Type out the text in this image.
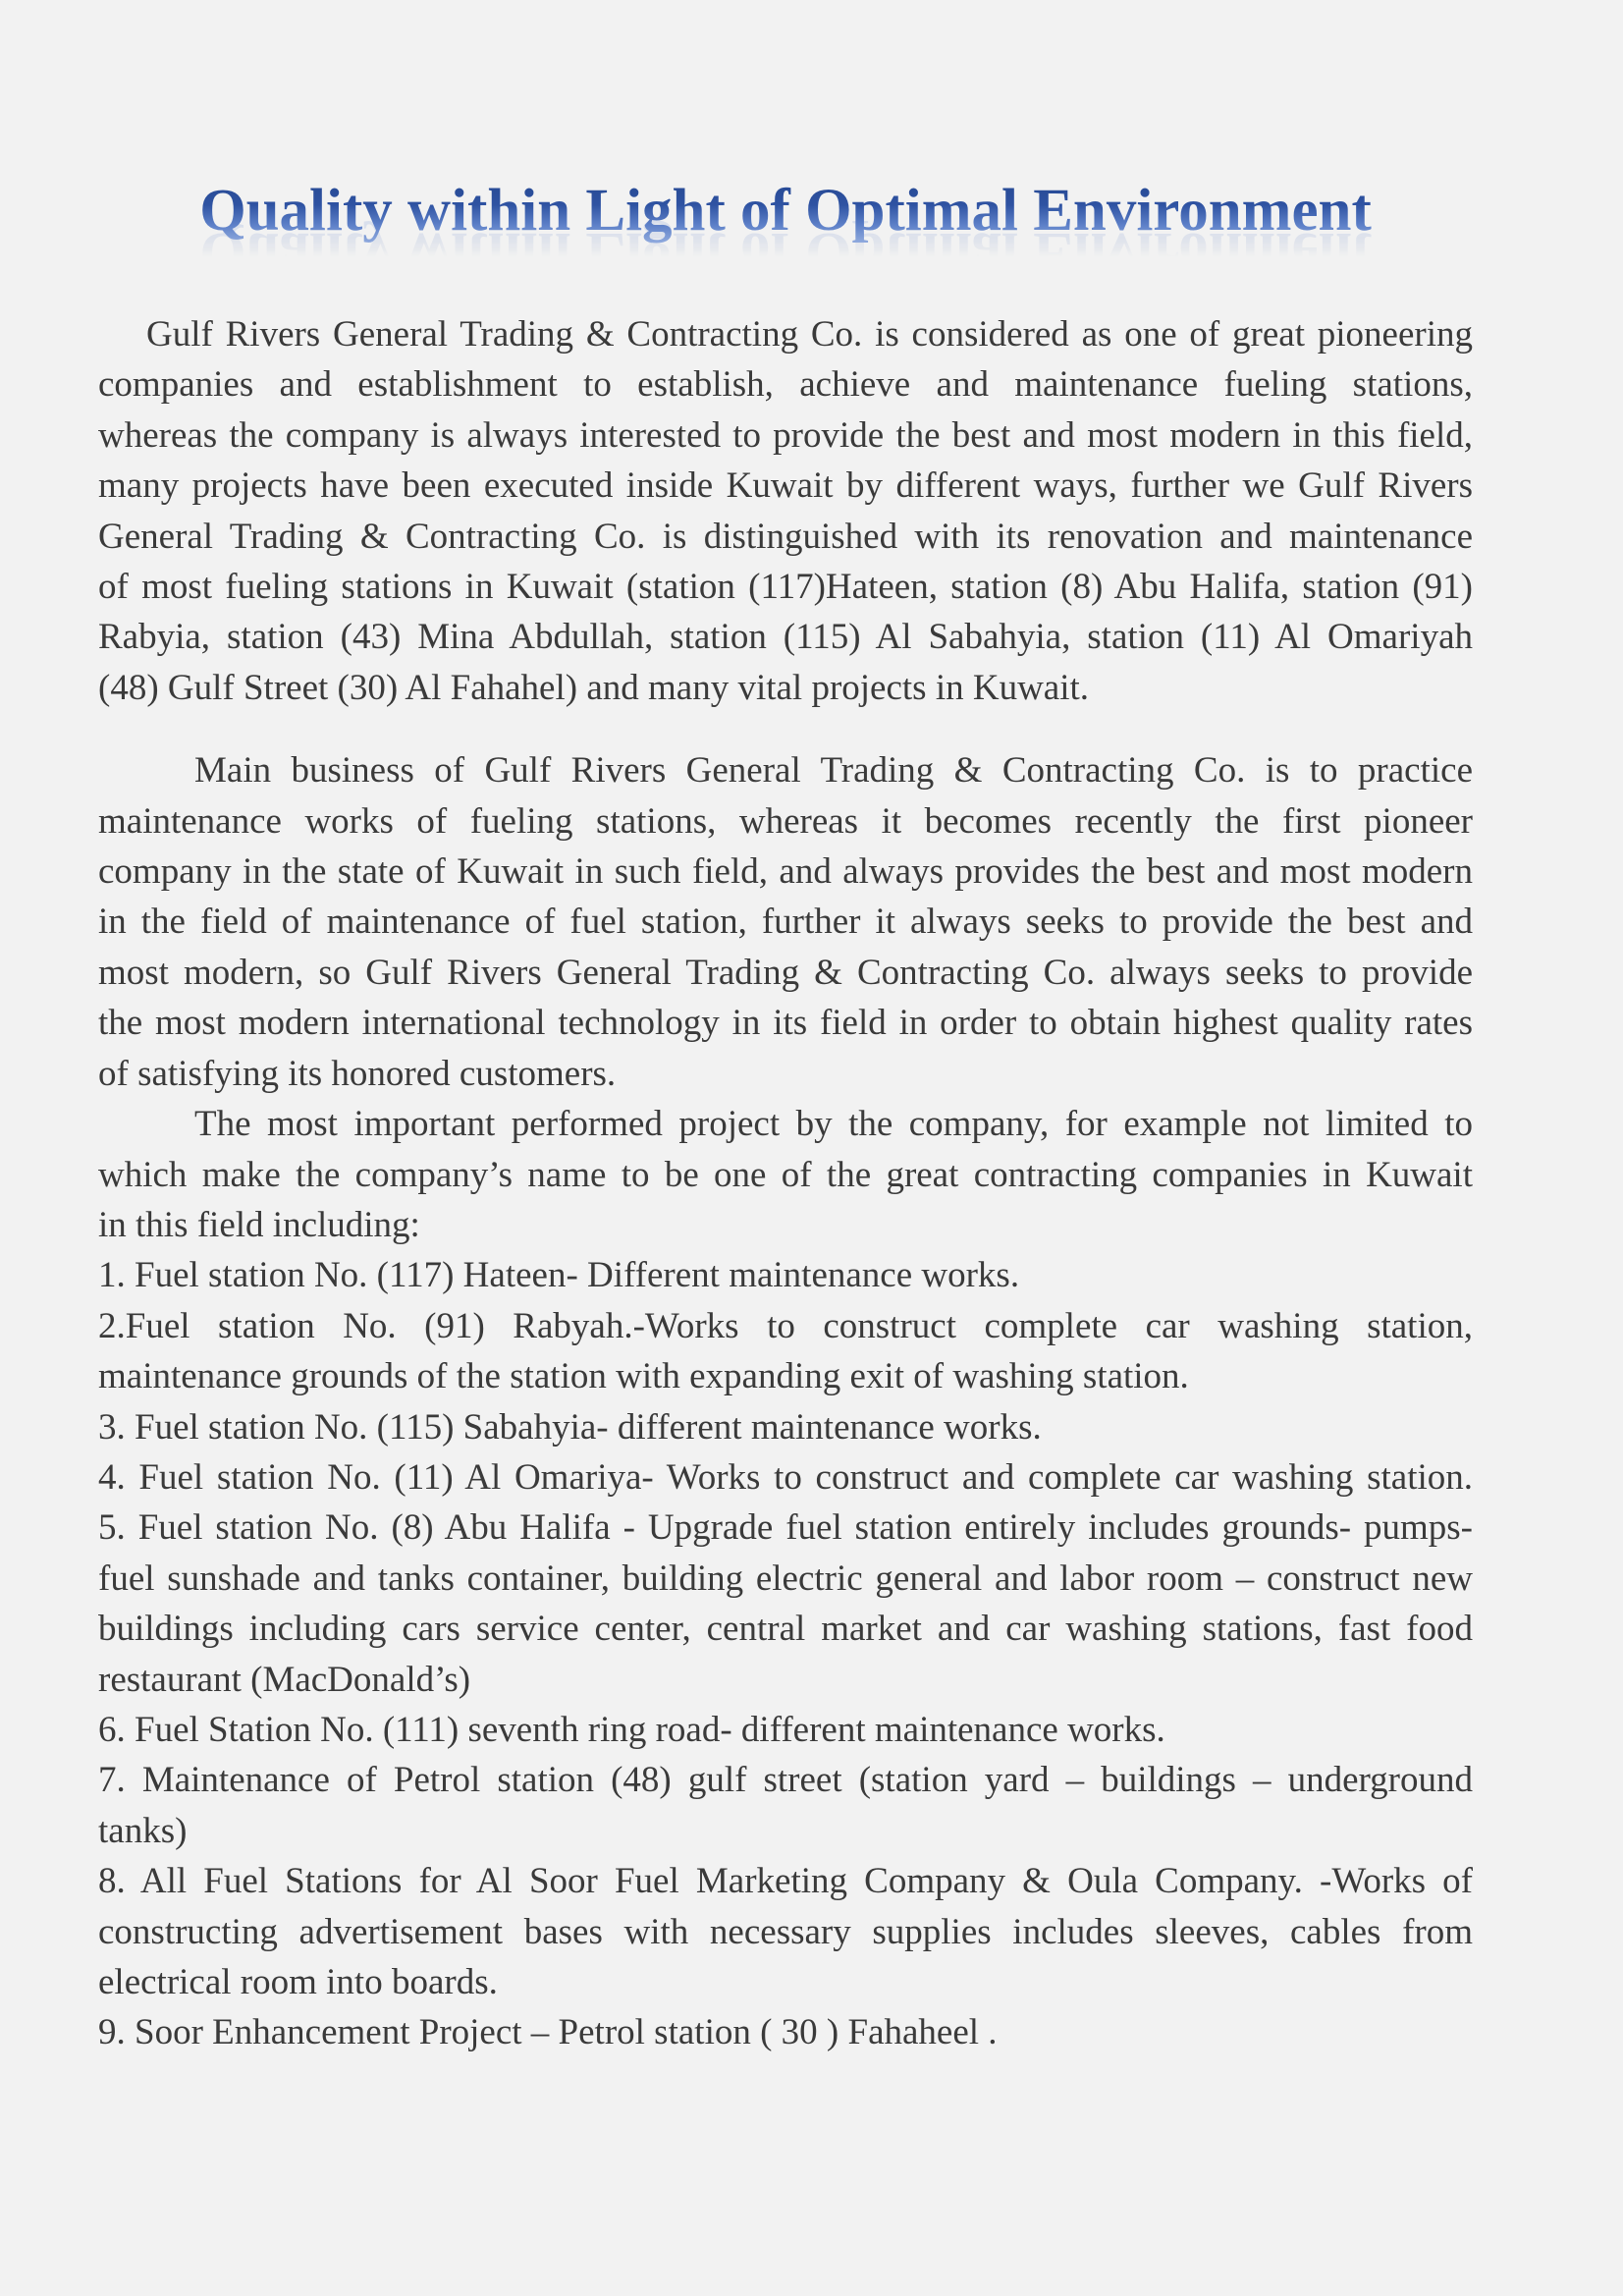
Quality within Light of Optimal Environment
Gulf Rivers General Trading & Contracting Co. is considered as one of great pioneering
companies and establishment to establish, achieve and maintenance fueling stations,
whereas the company is always interested to provide the best and most modern in this field,
many projects have been executed inside Kuwait by different ways, further we Gulf Rivers
General Trading & Contracting Co. is distinguished with its renovation and maintenance
of most fueling stations in Kuwait (station (117)Hateen, station (8) Abu Halifa, station (91)
Rabyia, station (43) Mina Abdullah, station (115) Al Sabahyia, station (11) Al Omariyah
(48) Gulf Street (30) Al Fahahel) and many vital projects in Kuwait.
Main business of Gulf Rivers General Trading & Contracting Co. is to practice
maintenance works of fueling stations, whereas it becomes recently the first pioneer
company in the state of Kuwait in such field, and always provides the best and most modern
in the field of maintenance of fuel station, further it always seeks to provide the best and
most modern, so Gulf Rivers General Trading & Contracting Co. always seeks to provide
the most modern international technology in its field in order to obtain highest quality rates
of satisfying its honored customers.
The most important performed project by the company, for example not limited to
which make the company’s name to be one of the great contracting companies in Kuwait
in this field including:
1. Fuel station No. (117) Hateen- Different maintenance works.
2.Fuel station No. (91) Rabyah.-Works to construct complete car washing station,
maintenance grounds of the station with expanding exit of washing station.
3. Fuel station No. (115) Sabahyia- different maintenance works.
4. Fuel station No. (11) Al Omariya- Works to construct and complete car washing station.
5. Fuel station No. (8) Abu Halifa - Upgrade fuel station entirely includes grounds- pumps-
fuel sunshade and tanks container, building electric general and labor room – construct new
buildings including cars service center, central market and car washing stations, fast food
restaurant (MacDonald’s)
6. Fuel Station No. (111) seventh ring road- different maintenance works.
7. Maintenance of Petrol station (48) gulf street (station yard – buildings – underground
tanks)
8. All Fuel Stations for Al Soor Fuel Marketing Company & Oula Company. -Works of
constructing advertisement bases with necessary supplies includes sleeves, cables from
electrical room into boards.
9. Soor Enhancement Project – Petrol station ( 30 ) Fahaheel .
